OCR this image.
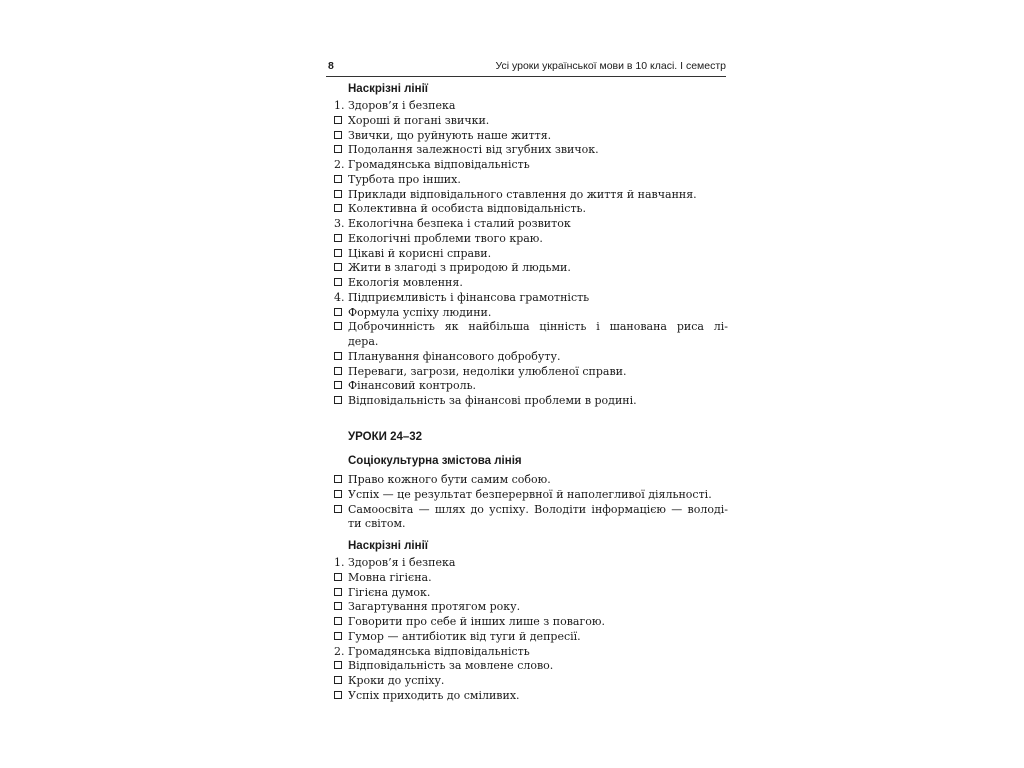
8	Усі уроки української мови в 10 класі. І семестр
Наскрізні лінії
1. Здоров’я і безпека
Хороші й погані звички.
Звички, що руйнують наше життя.
Подолання залежності від згубних звичок.
2. Громадянська відповідальність
Турбота про інших.
Приклади відповідального ставлення до життя й навчання.
Колективна й особиста відповідальність.
3. Екологічна безпека і сталий розвиток
Екологічні проблеми твого краю.
Цікаві й корисні справи.
Жити в злагоді з природою й людьми.
Екологія мовлення.
4. Підприємливість і фінансова грамотність
Формула успіху людини.
Доброчинність як найбільша цінність і шанована риса лі-
дера.
Планування фінансового добробуту.
Переваги, загрози, недоліки улюбленої справи.
Фінансовий контроль.
Відповідальність за фінансові проблеми в родині.
УРОКИ 24–32
Соціокультурна змістова лінія
Право кожного бути самим собою.
Успіх — це результат безперервної й наполегливої діяльності.
Самоосвіта — шлях до успіху. Володіти інформацією — володі-
ти світом.
Наскрізні лінії
1. Здоров’я і безпека
Мовна гігієна.
Гігієна думок.
Загартування протягом року.
Говорити про себе й інших лише з повагою.
Гумор — антибіотик від туги й депресії.
2. Громадянська відповідальність
Відповідальність за мовлене слово.
Кроки до успіху.
Успіх приходить до сміливих.
